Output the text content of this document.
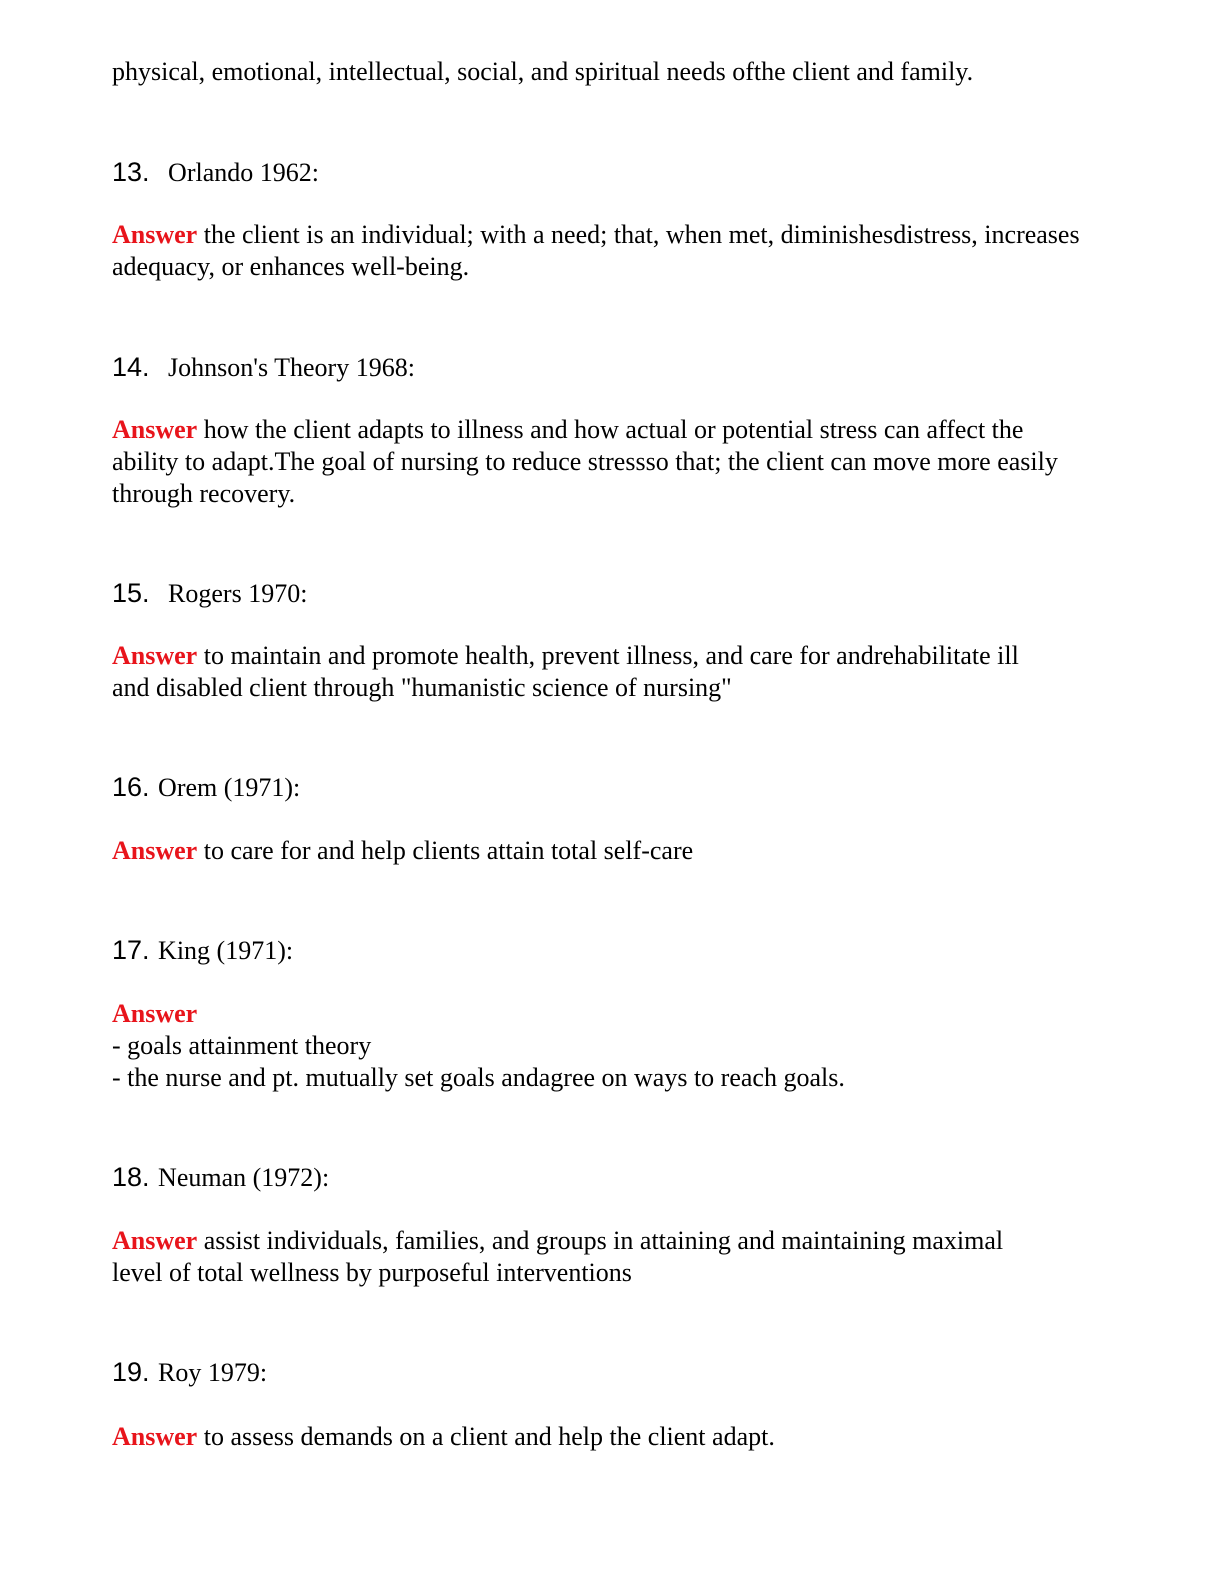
physical, emotional, intellectual, social, and spiritual needs ofthe client and family.
13. Orlando 1962:
Answer the client is an individual; with a need; that, when met, diminishesdistress, increases
adequacy, or enhances well-being.
14. Johnson's Theory 1968:
Answer how the client adapts to illness and how actual or potential stress can affect the
ability to adapt.The goal of nursing to reduce stressso that; the client can move more easily
through recovery.
15. Rogers 1970:
Answer to maintain and promote health, prevent illness, and care for andrehabilitate ill
and disabled client through "humanistic science of nursing"
16. Orem (1971):
Answer to care for and help clients attain total self-care
17. King (1971):
Answer
- goals attainment theory
- the nurse and pt. mutually set goals andagree on ways to reach goals.
18. Neuman (1972):
Answer assist individuals, families, and groups in attaining and maintaining maximal
level of total wellness by purposeful interventions
19. Roy 1979:
Answer to assess demands on a client and help the client adapt.
